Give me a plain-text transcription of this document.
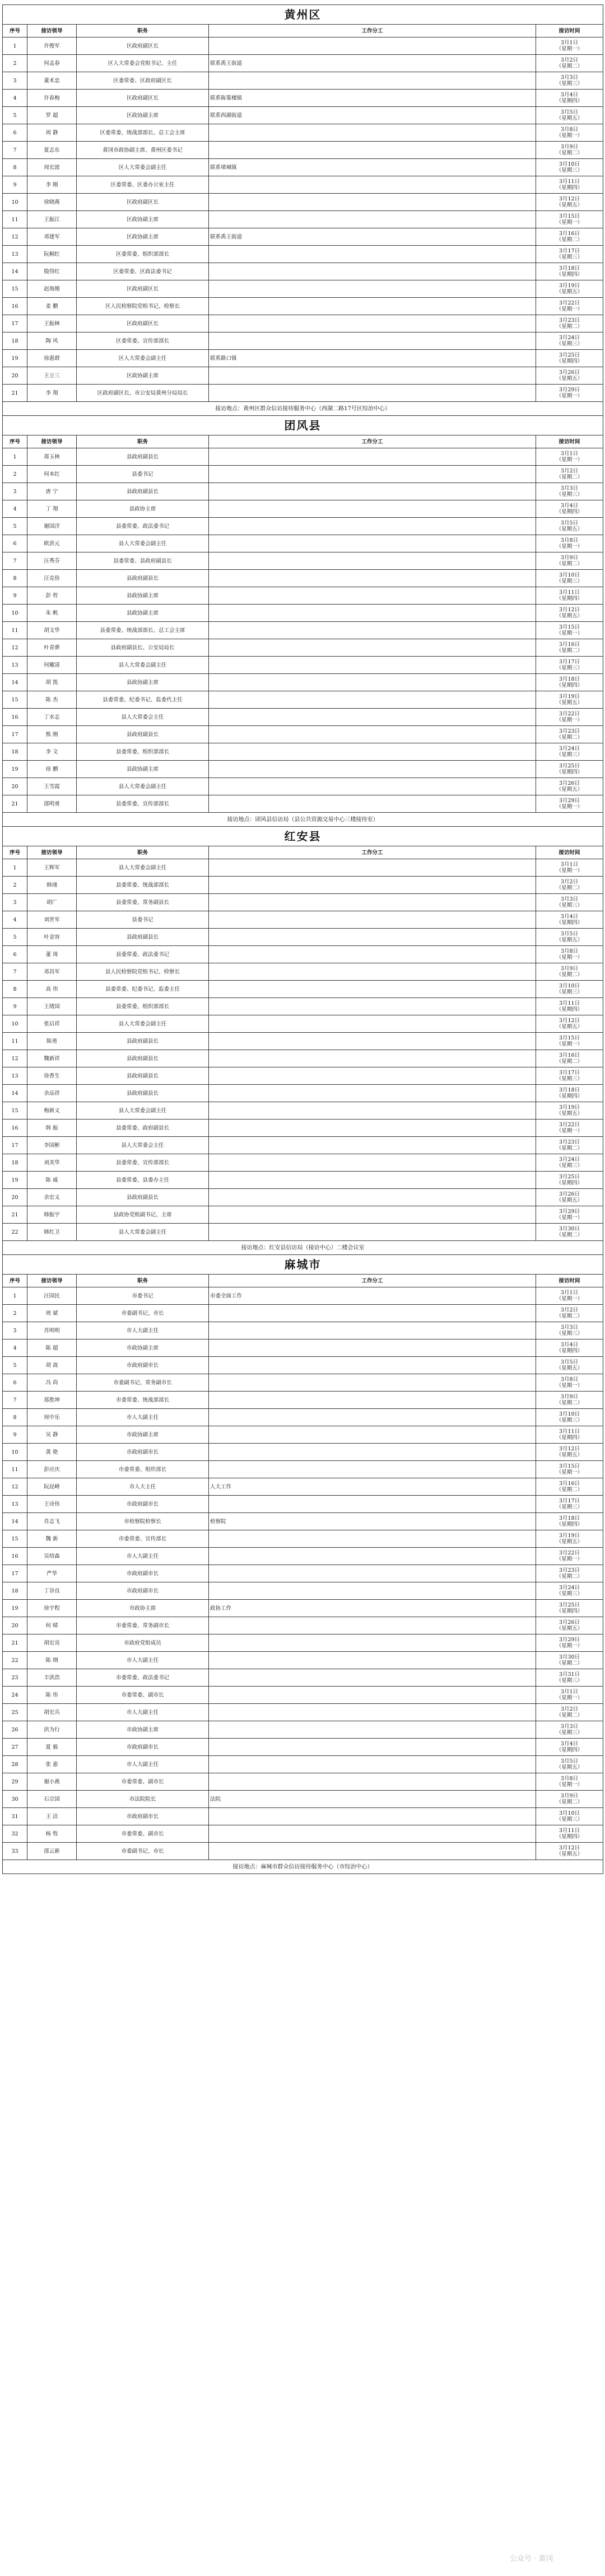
黄州区				
序号	接访领导	职务	工作分工	接访时间
1	许俊军	区政府副区长		3月1日
（星期一）
2	何孟春	区人大常委会党组书记、主任	联系禹王街道	3月2日
（星期二）
3	董术忠	区委常委、区政府副区长		3月3日
（星期三）
4	许春梅	区政府副区长	联系陈策楼镇	3月4日
（星期四）
5	罗 超	区政协副主席	联系西湖街道	3月5日
（星期五）
6	周 静	区委常委、统战部部长、总工会主席		3月8日
（星期一）
7	夏志东	黄冈市政协副主席、黄州区委书记		3月9日
（星期二）
8	周宏波	区人大常委会副主任	联系堵城镇	3月10日
（星期三）
9	李 刚	区委常委、区委办公室主任		3月11日
（星期四）
10	徐晓燕	区政府副区长		3月12日
（星期五）
11	王振江	区政协副主席		3月15日
（星期一）
12	邓建军	区政协副主席	联系禹王街道	3月16日
（星期二）
13	阮桐红	区委常委、组织部部长		3月17日
（星期三）
14	殷得红	区委常委、区政法委书记		3月18日
（星期四）
15	赵海刚	区政府副区长		3月19日
（星期五）
16	姜 鹏	区人民检察院党组书记、检察长		3月22日
（星期一）
17	王振林	区政府副区长		3月23日
（星期二）
18	陶 风	区委常委、宣传部部长		3月24日
（星期三）
19	徐惠群	区人大常委会副主任	联系路口镇	3月25日
（星期四）
20	王立三	区政协副主席		3月26日
（星期五）
21	李 翔	区政府副区长、市公安局黄州分局局长		3月29日
（星期一）
接访地点：黄州区群众信访接待服务中心（西湖二路17号区综治中心）				
团风县				
序号	接访领导	职务	工作分工	接访时间
1	郑玉林	县政府副县长		3月1日
（星期一）
2	何本红	县委书记		3月2日
（星期二）
3	唐 宁	县政府副县长		3月3日
（星期三）
4	丁 翔	县政协主席		3月4日
（星期四）
5	谢国洋	县委常委、政法委书记		3月5日
（星期五）
6	欧洪元	县人大常委会副主任		3月8日
（星期一）
7	汪秀芬	县委常委、县政府副县长		3月9日
（星期二）
8	汪克俭	县政府副县长		3月10日
（星期三）
9	彭 哲	县政协副主席		3月11日
（星期四）
10	朱 帆	县政协副主席		3月12日
（星期五）
11	胡文华	县委常委、统战部部长、总工会主席		3月15日
（星期一）
12	叶青骅	县政府副县长、公安局局长		3月16日
（星期二）
13	何耀清	县人大常委会副主任		3月17日
（星期三）
14	胡 凯	县政协副主席		3月18日
（星期四）
15	陈 杰	县委常委、纪委书记、监委代主任		3月19日
（星期五）
16	丁水志	县人大常委会主任		3月22日
（星期一）
17	熊 刚	县政府副县长		3月23日
（星期二）
18	李 文	县委常委、组织部部长		3月24日
（星期三）
19	徐 鹏	县政协副主席		3月25日
（星期四）
20	王雪霞	县人大常委会副主任		3月26日
（星期五）
21	邵明勇	县委常委、宣传部部长		3月29日
（星期一）
接访地点：团风县信访局（县公共资源交易中心三楼接待室）				
红安县				
序号	接访领导	职务	工作分工	接访时间
1	王辉军	县人大常委会副主任		3月1日
（星期一）
2	韩翊	县委常委、统战部部长		3月2日
（星期二）
3	胡广	县委常委、常务副县长		3月3日
（星期三）
4	刘世军	县委书记		3月4日
（星期四）
5	叶金容	县政府副县长		3月5日
（星期五）
6	董 琦	县委常委、政法委书记		3月8日
（星期一）
7	邓昌军	县人民检察院党组书记、检察长		3月9日
（星期二）
8	高 伟	县委常委、纪委书记、监委主任		3月10日
（星期三）
9	王绪国	县委常委、组织部部长		3月11日
（星期四）
10	张启祥	县人大常委会副主任		3月12日
（星期五）
11	陈勇	县政府副县长		3月15日
（星期一）
12	魏新祥	县政府副县长		3月16日
（星期二）
13	徐香生	县政府副县长		3月17日
（星期三）
14	余品祥	县政府副县长		3月18日
（星期四）
15	梅新义	县人大常委会副主任		3月19日
（星期五）
16	韩 振	县委常委、政府副县长		3月22日
（星期一）
17	李国彬	县人大常委会主任		3月23日
（星期二）
18	刘美华	县委常委、宣传部部长		3月24日
（星期三）
19	陈 威	县委常委、县委办主任		3月25日
（星期四）
20	余宏义	县政府副县长		3月26日
（星期五）
21	韩振宇	县政协党组副书记、主席		3月29日
（星期一）
22	韩红卫	县人大常委会副主任		3月30日
（星期二）
接访地点：红安县信访局（接访中心）二楼会议室				
麻城市				
序号	接访领导	职务	工作分工	接访时间
1	汪国民	市委书记	市委全面工作	3月1日
（星期一）
2	周 斌	市委副书记、市长		3月2日
（星期二）
3	肖明明	市人大副主任		3月3日
（星期三）
4	陈 超	市政协副主席		3月4日
（星期四）
5	胡 嵩	市政府副市长		3月5日
（星期五）
6	冯 尚	市委副书记、常务副市长		3月8日
（星期一）
7	郑胜坤	市委常委、统战部部长		3月9日
（星期二）
8	周中乐	市人大副主任		3月10日
（星期三）
9	吴 静	市政协副主席		3月11日
（星期四）
10	黄 艳	市政府副市长		3月12日
（星期五）
11	彭应庆	市委常委、组织部长		3月15日
（星期一）
12	阮昆峰	市人大主任	人大工作	3月16日
（星期二）
13	王诗伟	市政府副市长		3月17日
（星期三）
14	肖志飞	市检察院检察长	检察院	3月18日
（星期四）
15	魏 新	市委常委、宣传部长		3月19日
（星期五）
16	吴绍森	市人大副主任		3月22日
（星期一）
17	严华	市政府副市长		3月23日
（星期二）
18	丁谷良	市政府副市长		3月24日
（星期三）
19	徐宇程	市政协主席	政协工作	3月25日
（星期四）
20	何 晴	市委常委、常务副市长		3月26日
（星期五）
21	胡宏亮	市政府党组成员		3月29日
（星期一）
22	陈 纲	市人大副主任		3月30日
（星期二）
23	丰洪浩	市委常委、政法委书记		3月31日
（星期三）
24	陈 伟	市委常委、副市长		3月1日
（星期一）
25	胡宏兵	市人大副主任		3月2日
（星期二）
26	洪为行	市政协副主席		3月3日
（星期三）
27	夏 毅	市政府副市长		3月4日
（星期四）
28	张 惠	市人大副主任		3月5日
（星期五）
29	谢小燕	市委常委、副市长		3月8日
（星期一）
30	石宗国	市法院院长	法院	3月9日
（星期二）
31	王 洁	市政府副市长		3月10日
（星期三）
32	杨 牧	市委常委、副市长		3月11日
（星期四）
33	邵云新	市委副书记、市长		3月12日
（星期五）
接访地点：麻城市群众信访接待服务中心（市综治中心）				
公众号 · 黄冈
